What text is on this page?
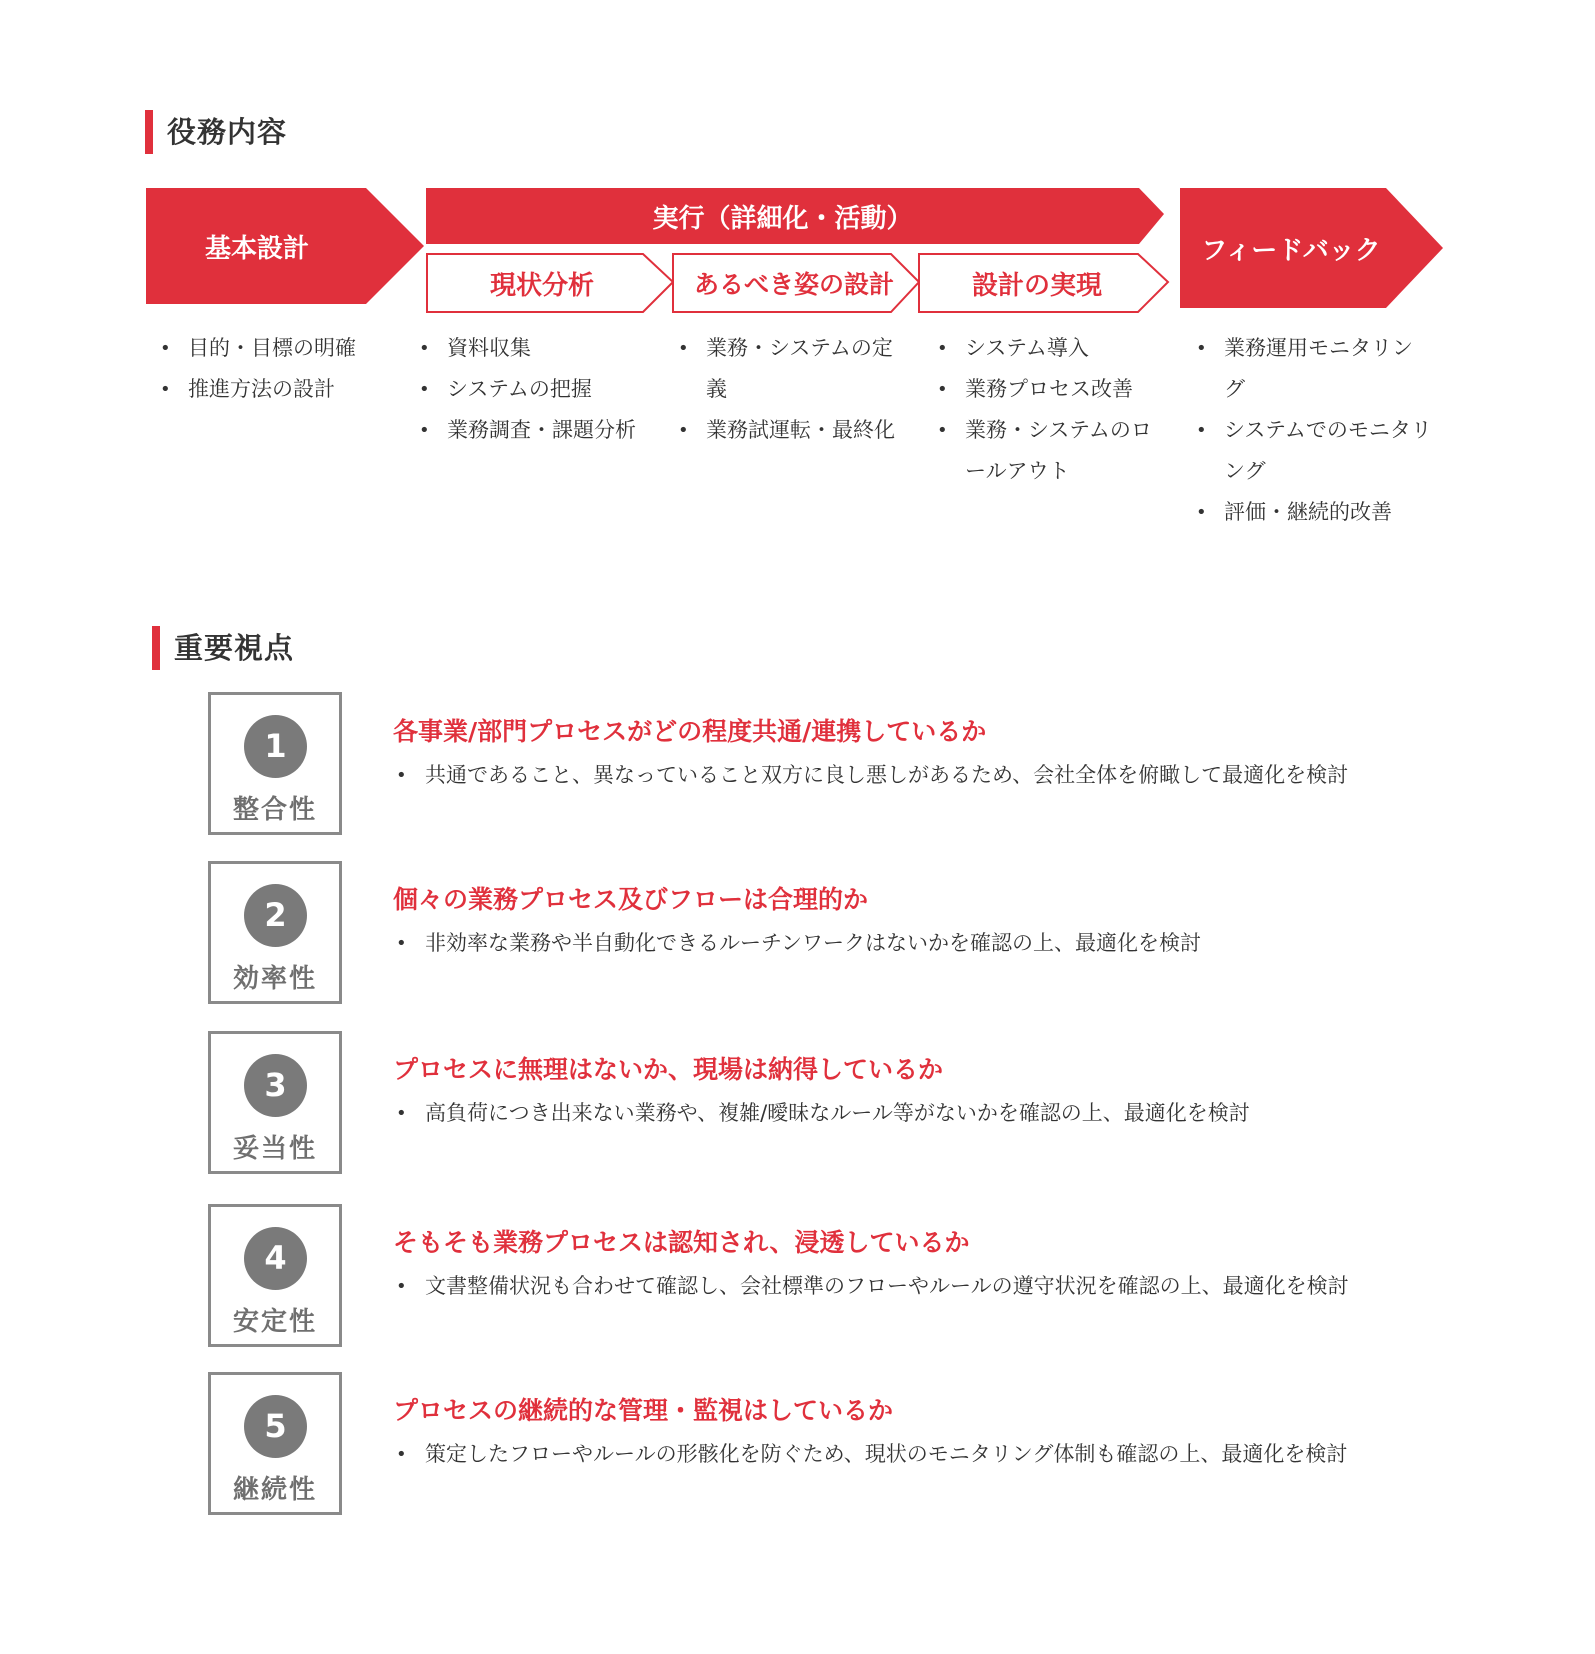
役務内容
基本設計
実行（詳細化・活動）
現状分析	あるべき姿の設計	設計の実現
フィードバック
• 目的・目標の明確
• 推進方法の設計
• 資料収集
• システムの把握
• 業務調査・課題分析
• 業務・システムの定義
• 業務試運転・最終化
• システム導入
• 業務プロセス改善
• 業務・システムのロールアウト
• 業務運用モニタリング
• システムでのモニタリング
• 評価・継続的改善
重要視点
1
整合性
各事業/部門プロセスがどの程度共通/連携しているか
• 共通であること、異なっていること双方に良し悪しがあるため、会社全体を俯瞰して最適化を検討
2
効率性
個々の業務プロセス及びフローは合理的か
• 非効率な業務や半自動化できるルーチンワークはないかを確認の上、最適化を検討
3
妥当性
プロセスに無理はないか、現場は納得しているか
• 高負荷につき出来ない業務や、複雑/曖昧なルール等がないかを確認の上、最適化を検討
4
安定性
そもそも業務プロセスは認知され、浸透しているか
• 文書整備状況も合わせて確認し、会社標準のフローやルールの遵守状況を確認の上、最適化を検討
5
継続性
プロセスの継続的な管理・監視はしているか
• 策定したフローやルールの形骸化を防ぐため、現状のモニタリング体制も確認の上、最適化を検討
